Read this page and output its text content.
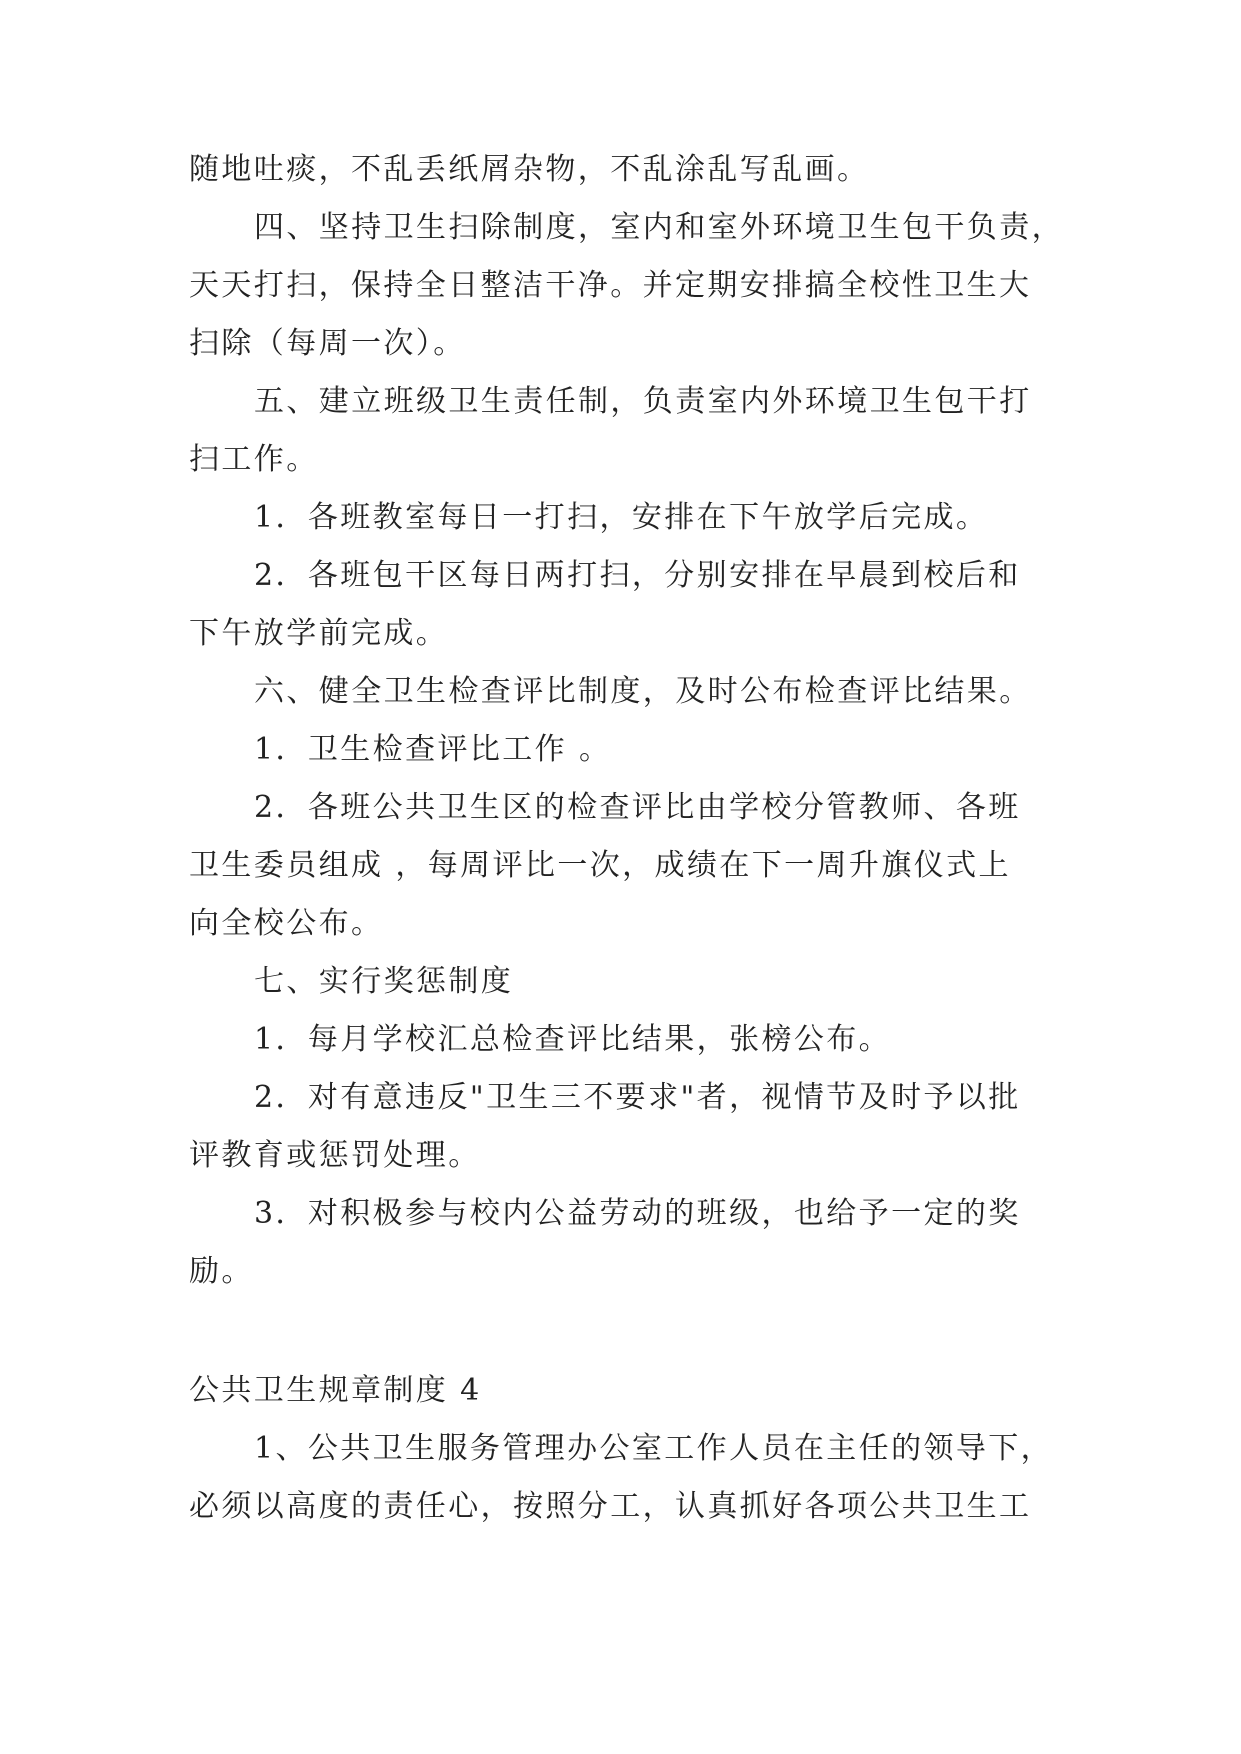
随地吐痰，不乱丢纸屑杂物，不乱涂乱写乱画。
四、坚持卫生扫除制度，室内和室外环境卫生包干负责，
天天打扫，保持全日整洁干净。并定期安排搞全校性卫生大
扫除（每周一次）。
五、建立班级卫生责任制，负责室内外环境卫生包干打
扫工作。
1．各班教室每日一打扫，安排在下午放学后完成。
2．各班包干区每日两打扫，分别安排在早晨到校后和
下午放学前完成。
六、健全卫生检查评比制度，及时公布检查评比结果。
1．卫生检查评比工作 。
2．各班公共卫生区的检查评比由学校分管教师、各班
卫生委员组成 ，每周评比一次，成绩在下一周升旗仪式上
向全校公布。
七、实行奖惩制度
1．每月学校汇总检查评比结果，张榜公布。
2．对有意违反"卫生三不要求"者，视情节及时予以批
评教育或惩罚处理。
3．对积极参与校内公益劳动的班级，也给予一定的奖
励。
公共卫生规章制度 4
1、公共卫生服务管理办公室工作人员在主任的领导下，
必须以高度的责任心，按照分工，认真抓好各项公共卫生工
